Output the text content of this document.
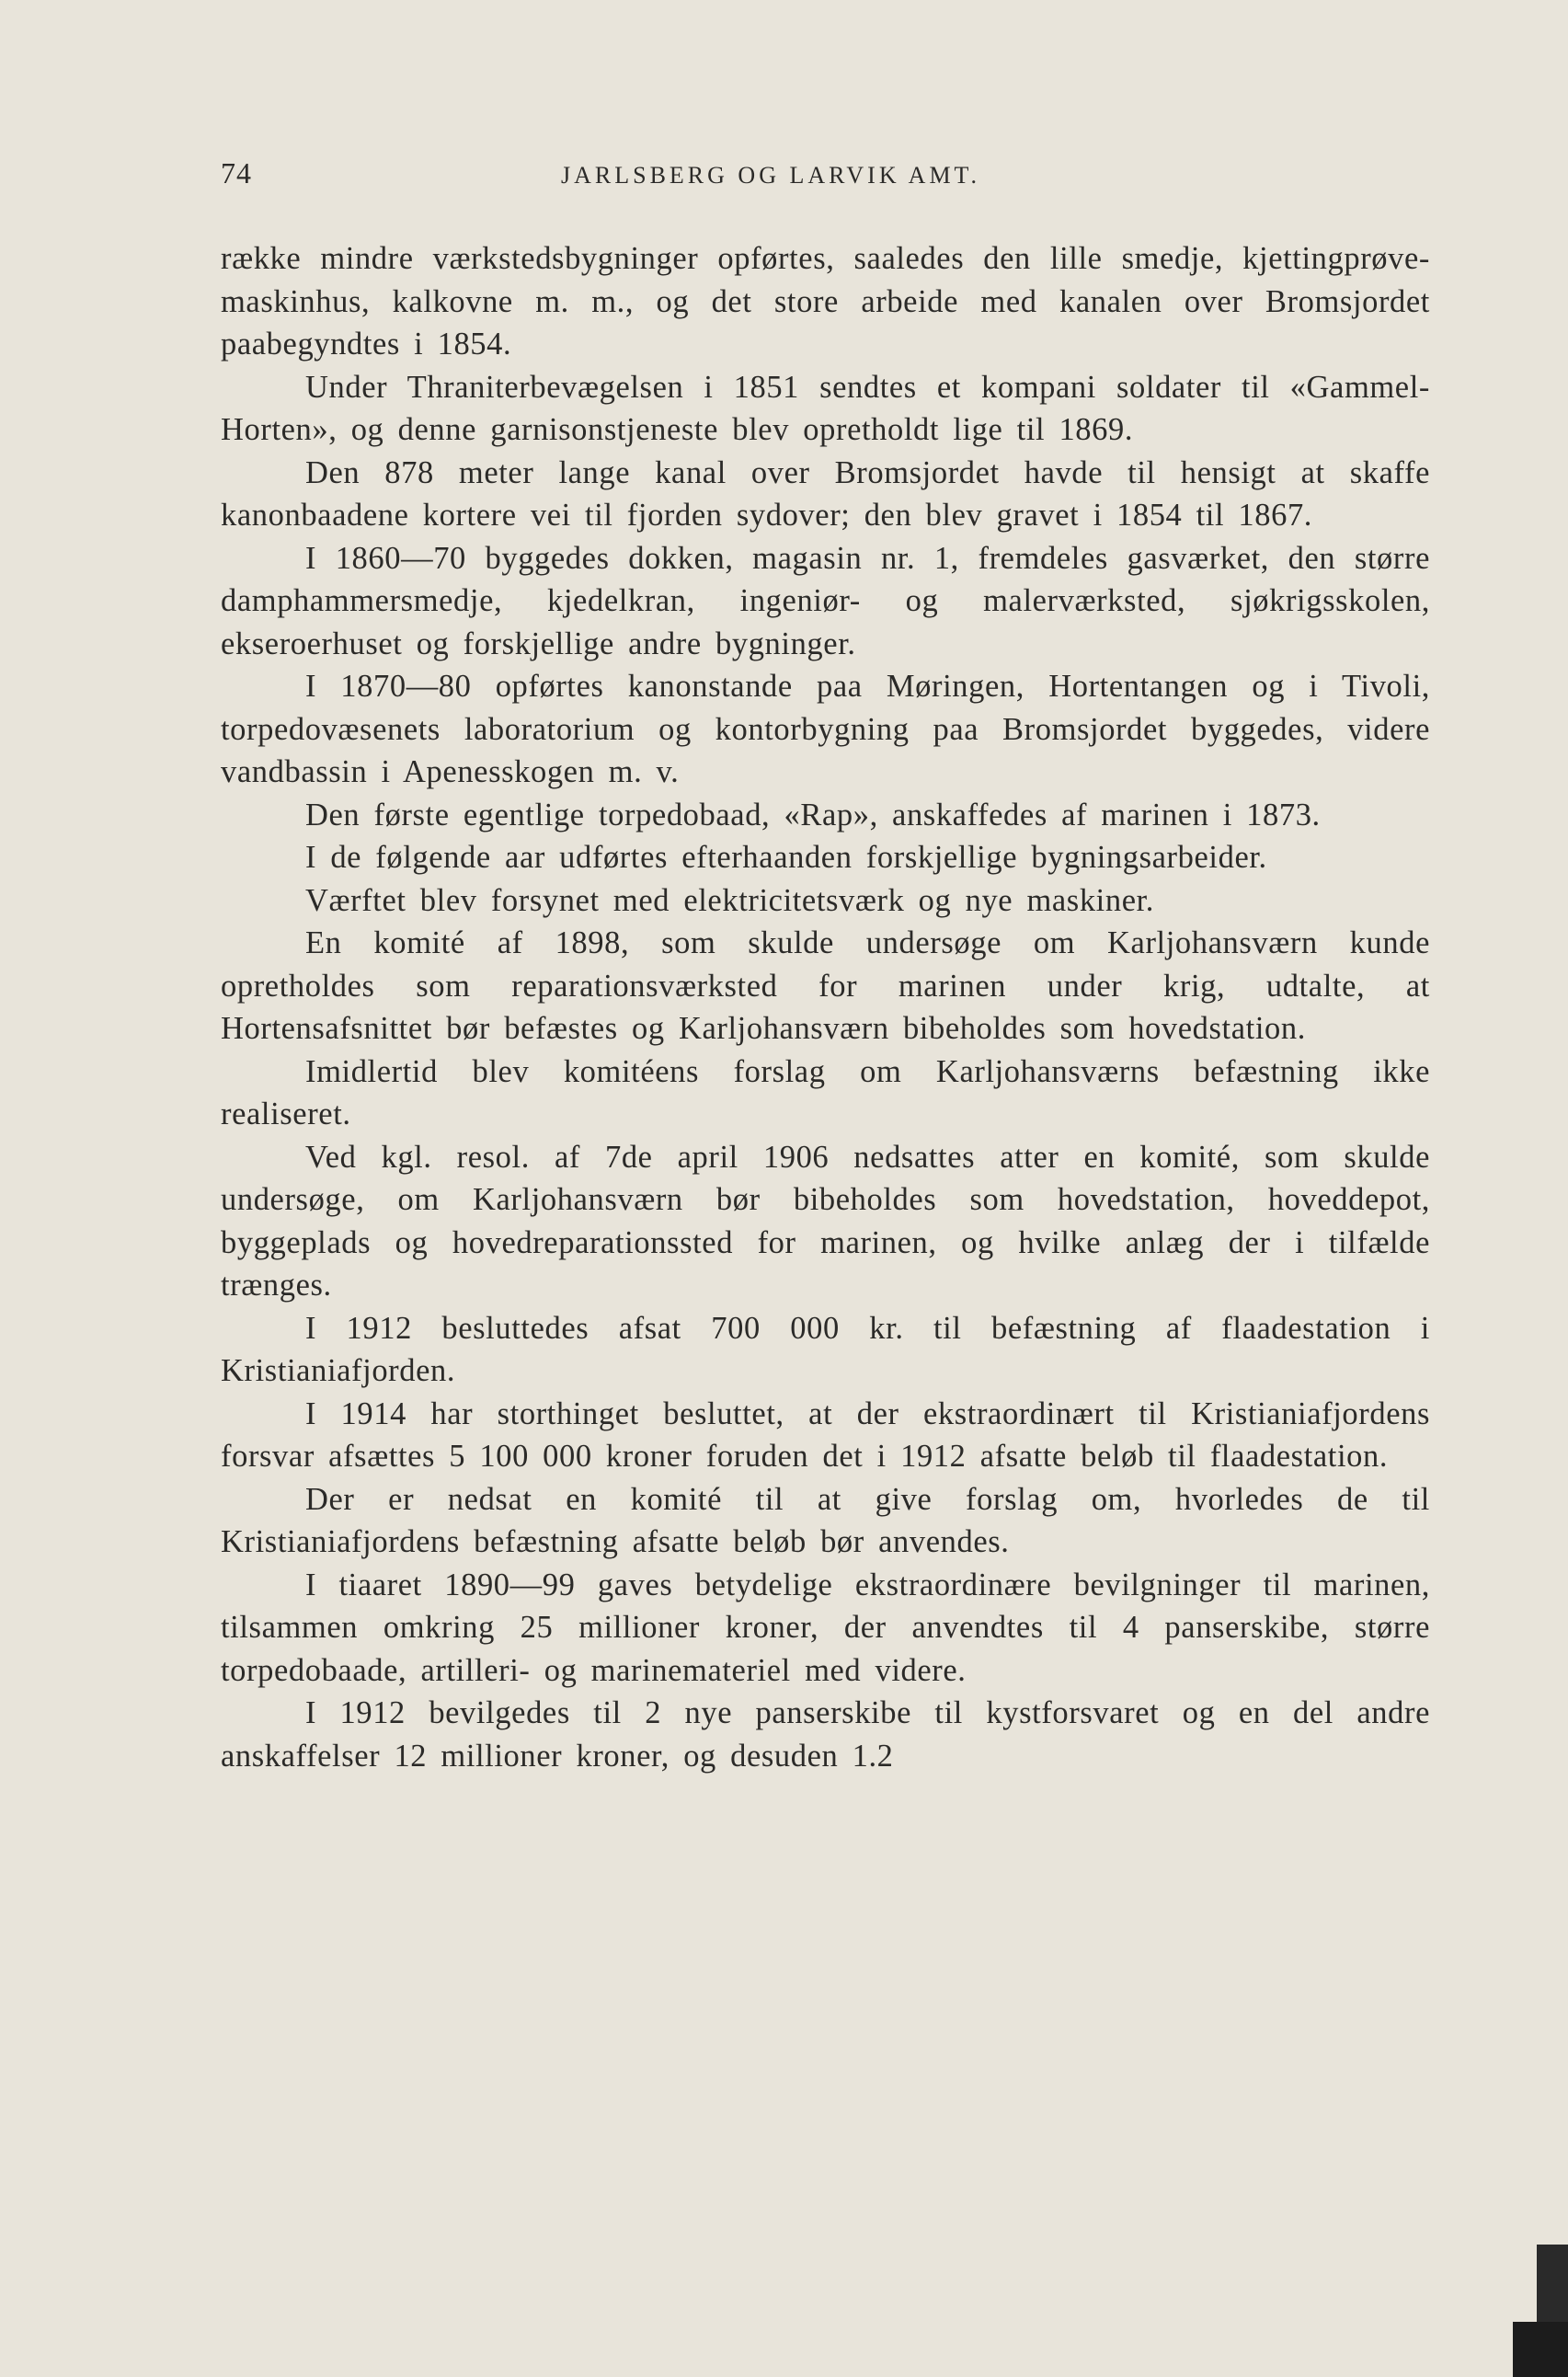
74	JARLSBERG OG LARVIK AMT.

række mindre værkstedsbygninger opførtes, saaledes den lille smedje, kjettingprøve-maskinhus, kalkovne m. m., og det store arbeide med kanalen over Bromsjordet paabegyndtes i 1854.

Under Thraniterbevægelsen i 1851 sendtes et kompani soldater til «Gammel-Horten», og denne garnisonstjeneste blev opretholdt lige til 1869.

Den 878 meter lange kanal over Bromsjordet havde til hensigt at skaffe kanonbaadene kortere vei til fjorden sydover; den blev gravet i 1854 til 1867.

I 1860—70 byggedes dokken, magasin nr. 1, fremdeles gasværket, den større damphammersmedje, kjedelkran, ingeniør- og malerværksted, sjøkrigsskolen, ekseroerhuset og forskjellige andre bygninger.

I 1870—80 opførtes kanonstande paa Møringen, Hortentangen og i Tivoli, torpedovæsenets laboratorium og kontorbygning paa Bromsjordet byggedes, videre vandbassin i Apenesskogen m. v.

Den første egentlige torpedobaad, «Rap», anskaffedes af marinen i 1873.

I de følgende aar udførtes efterhaanden forskjellige bygningsarbeider.

Værftet blev forsynet med elektricitetsværk og nye maskiner.

En komité af 1898, som skulde undersøge om Karljohansværn kunde opretholdes som reparationsværksted for marinen under krig, udtalte, at Hortensafsnittet bør befæstes og Karljohansværn bibeholdes som hovedstation.

Imidlertid blev komitéens forslag om Karljohansværns befæstning ikke realiseret.

Ved kgl. resol. af 7de april 1906 nedsattes atter en komité, som skulde undersøge, om Karljohansværn bør bibeholdes som hovedstation, hoveddepot, byggeplads og hovedreparationssted for marinen, og hvilke anlæg der i tilfælde trænges.

I 1912 besluttedes afsat 700 000 kr. til befæstning af flaadestation i Kristianiafjorden.

I 1914 har storthinget besluttet, at der ekstraordinært til Kristianiafjordens forsvar afsættes 5 100 000 kroner foruden det i 1912 afsatte beløb til flaadestation.

Der er nedsat en komité til at give forslag om, hvorledes de til Kristianiafjordens befæstning afsatte beløb bør anvendes.

I tiaaret 1890—99 gaves betydelige ekstraordinære bevilgninger til marinen, tilsammen omkring 25 millioner kroner, der anvendtes til 4 panserskibe, større torpedobaade, artilleri- og marinemateriel med videre.

I 1912 bevilgedes til 2 nye panserskibe til kystforsvaret og en del andre anskaffelser 12 millioner kroner, og desuden 1.2
